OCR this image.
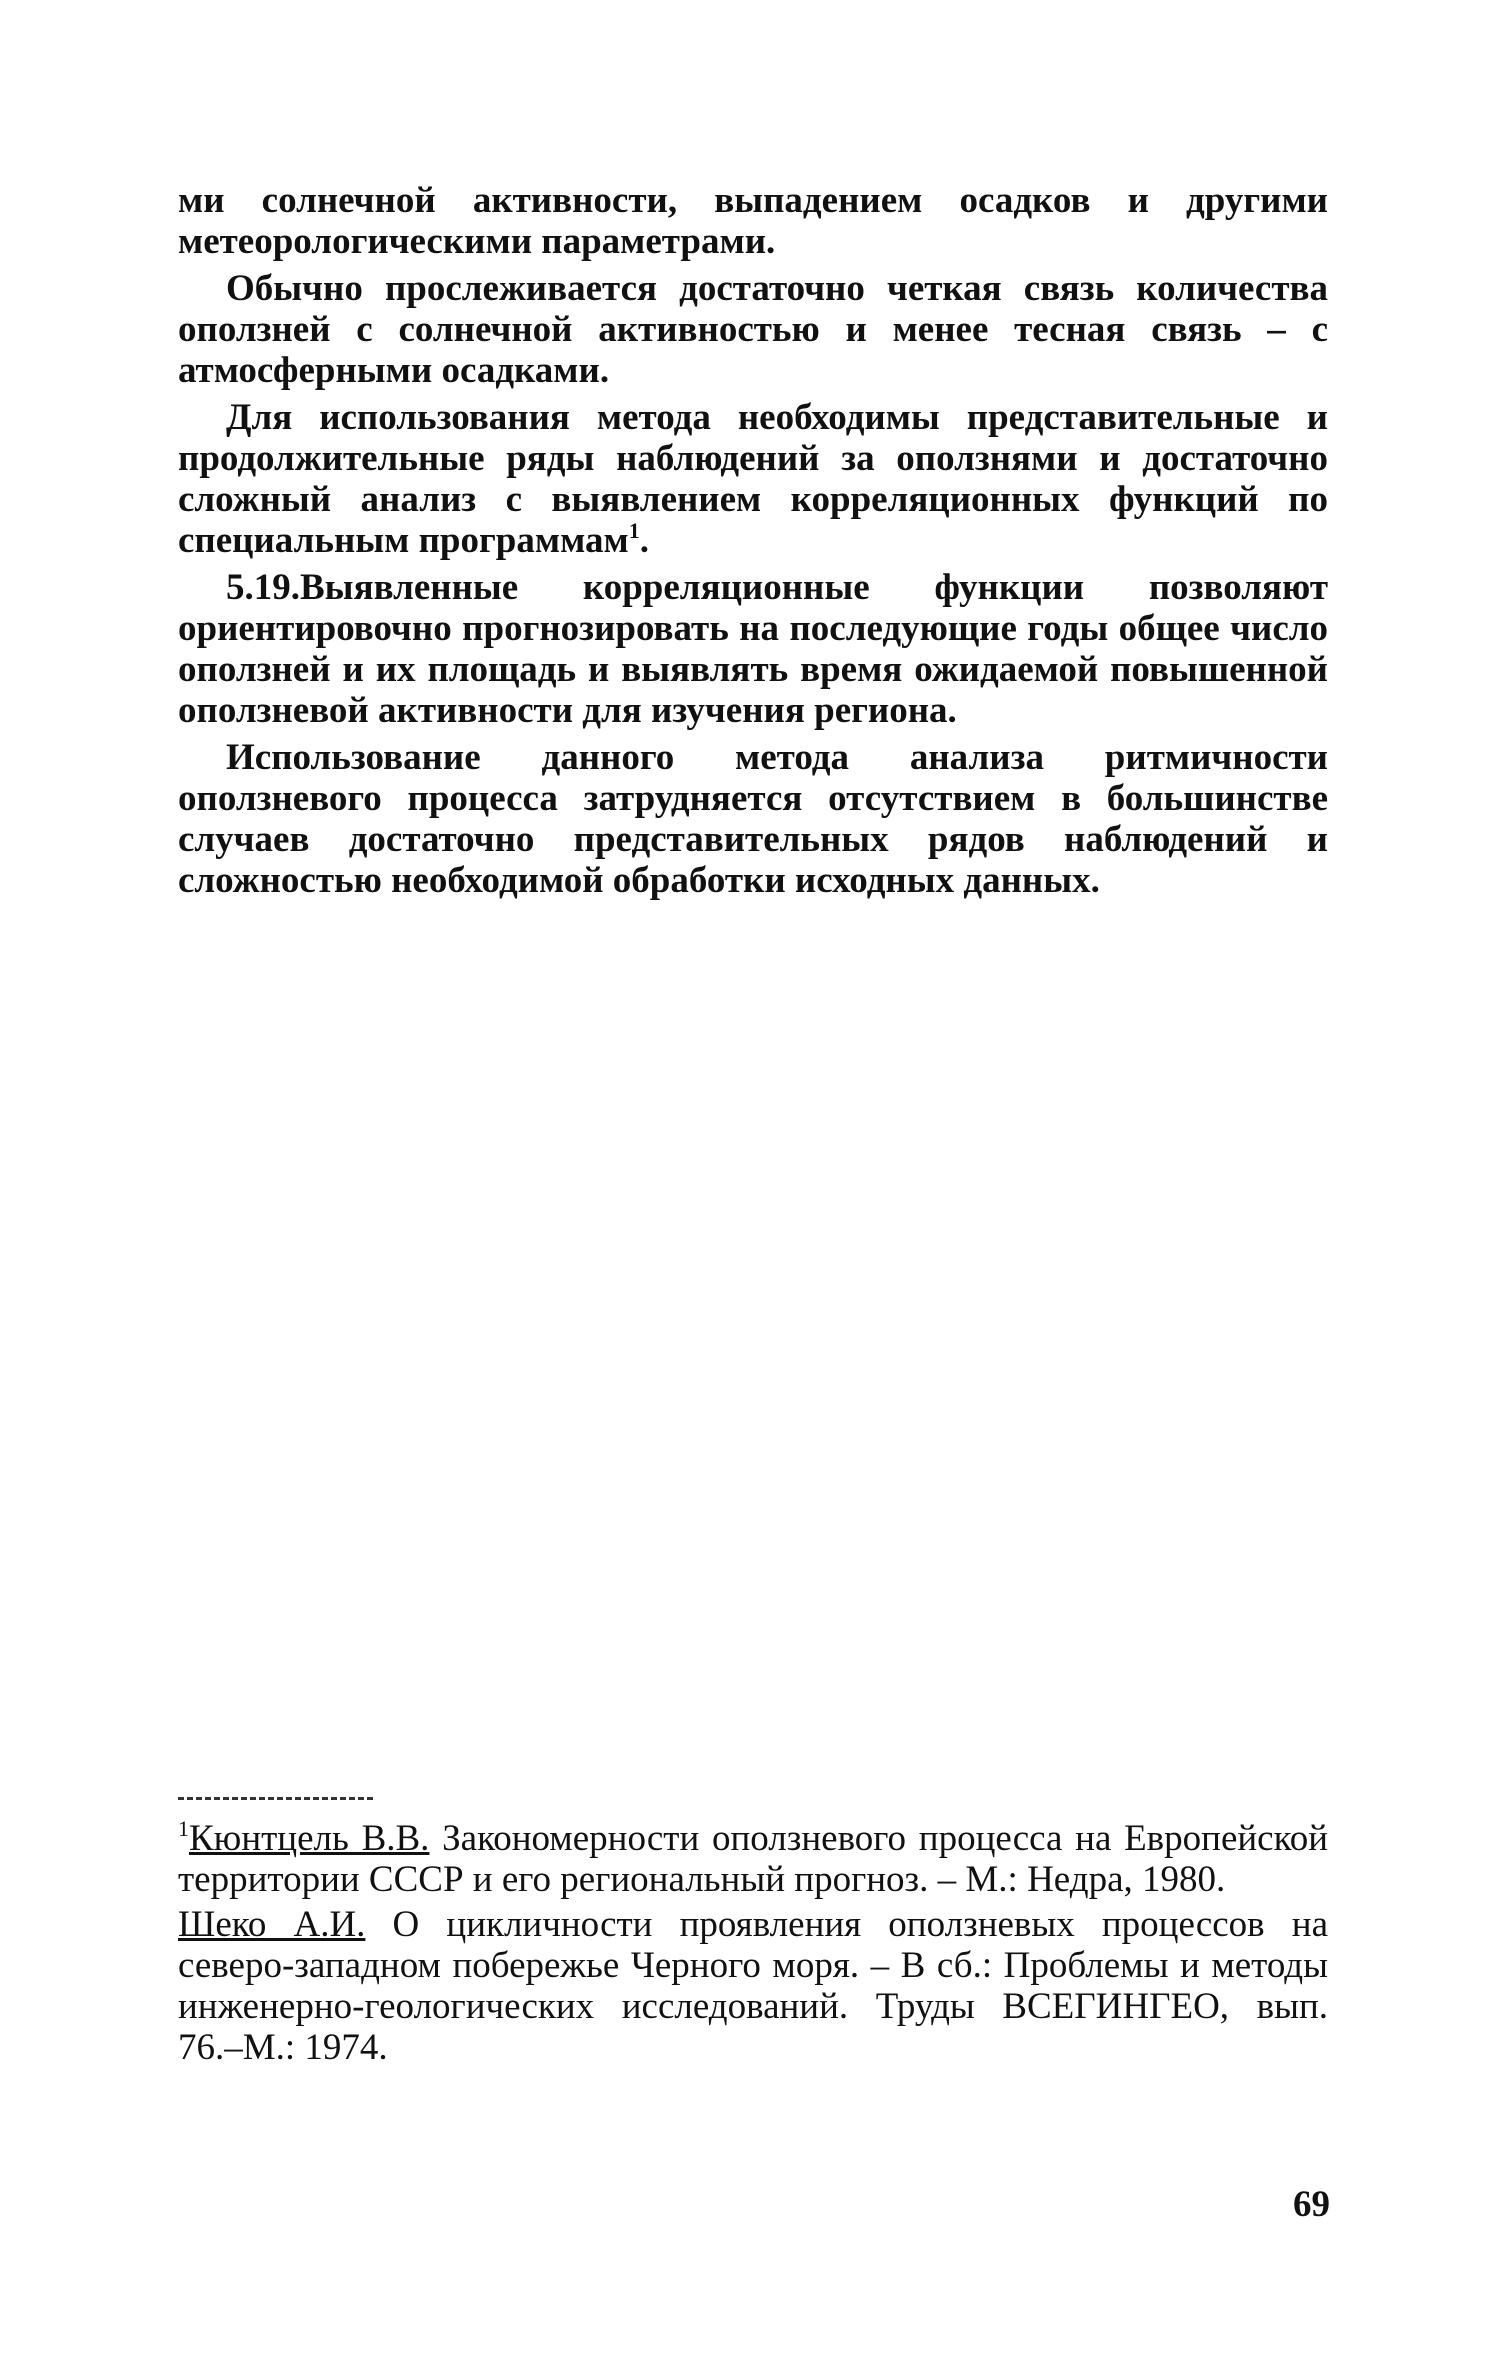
ми солнечной активности, выпадением осадков и другими метеорологическими параметрами.

Обычно прослеживается достаточно четкая связь количества оползней с солнечной активностью и менее тесная связь – с атмосферными осадками.

Для использования метода необходимы представительные и продолжительные ряды наблюдений за оползнями и достаточно сложный анализ с выявлением корреляционных функций по специальным программам$^1$.

5.19.Выявленные корреляционные функции позволяют ориентировочно прогнозировать на последующие годы общее число оползней и их площадь и выявлять время ожидаемой повышенной оползневой активности для изучения региона.

Использование данного метода анализа ритмичности оползневого процесса затрудняется отсутствием в большинстве случаев достаточно представительных рядов наблюдений и сложностью необходимой обработки исходных данных.

$^1$Кюнтцель В.В. Закономерности оползневого процесса на Европейской территории СССР и его региональный прогноз. – М.: Недра, 1980.

Шеко А.И. О цикличности проявления оползневых процессов на северо-западном побережье Черного моря. – В сб.: Проблемы и методы инженерно-геологических исследований. Труды ВСЕГИНГЕО, вып. 76.–М.: 1974.

69
